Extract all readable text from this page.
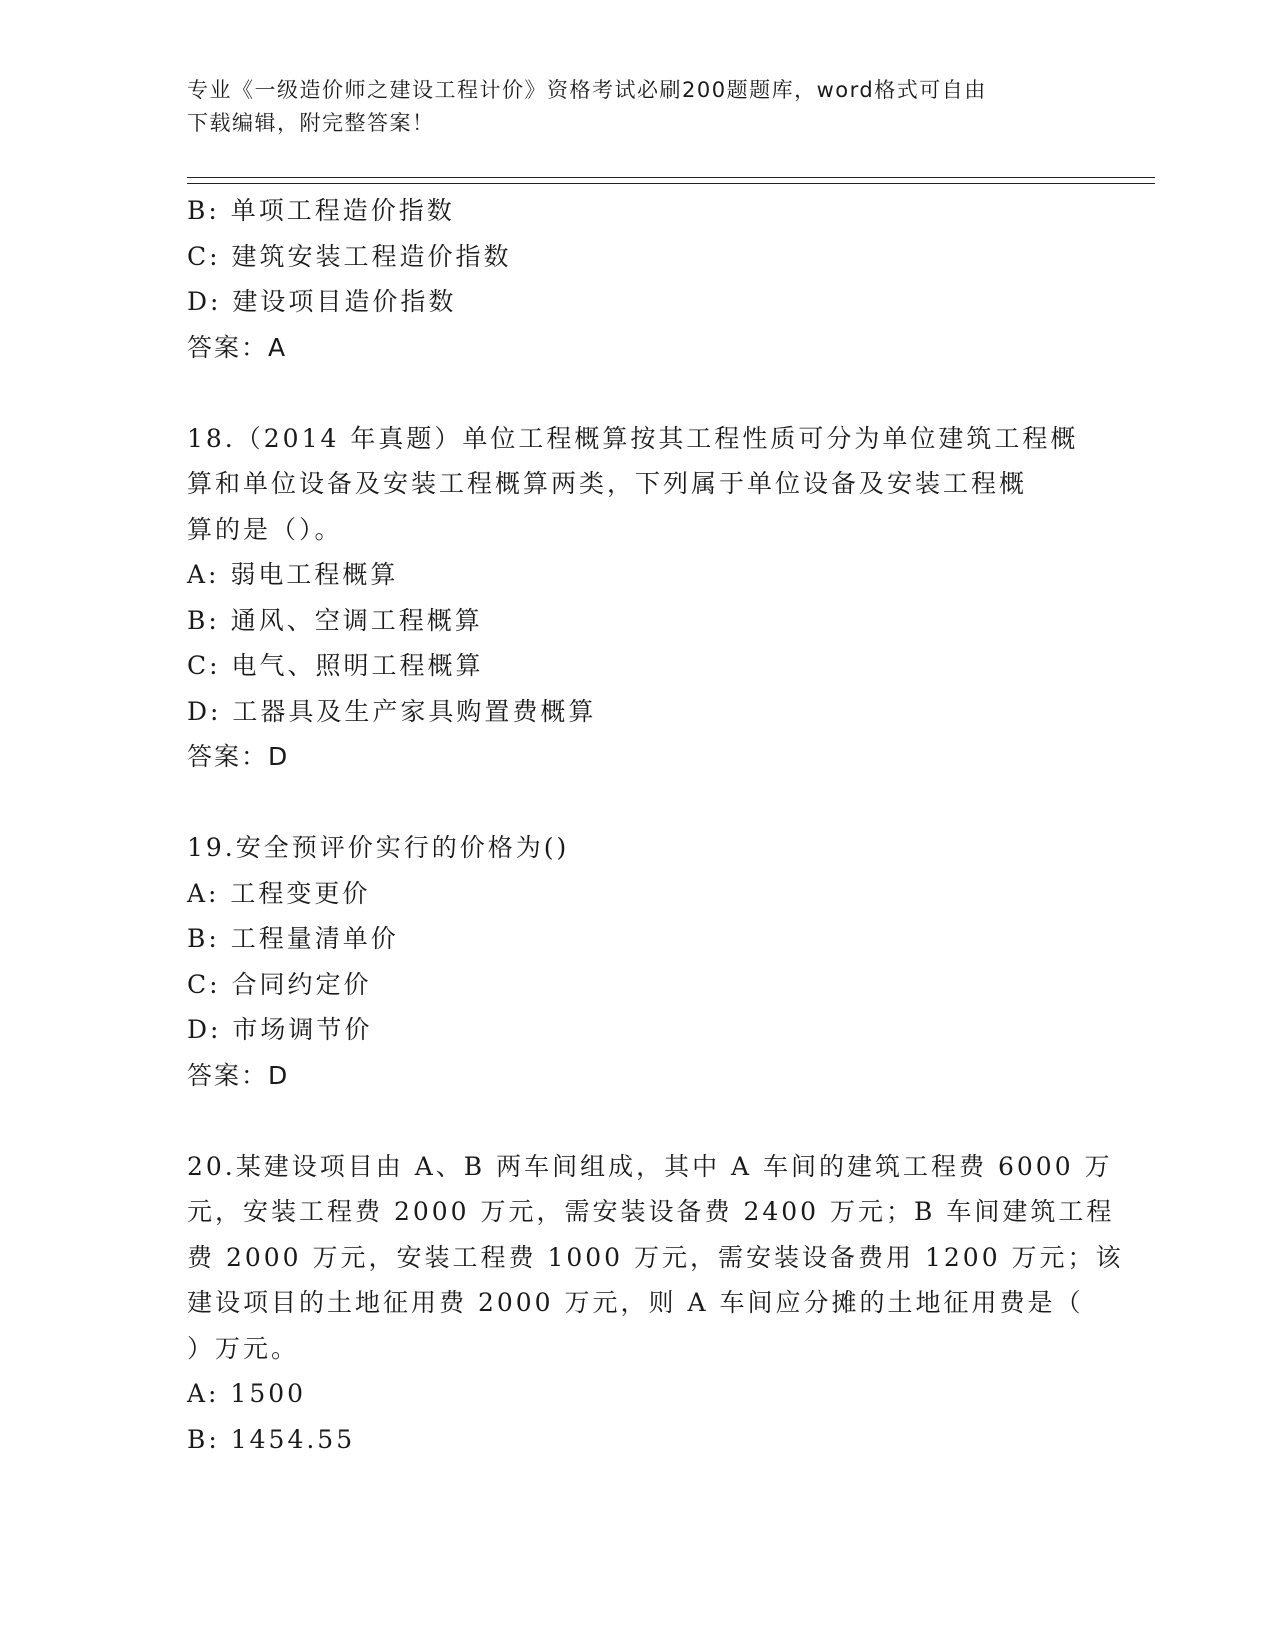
专业《一级造价师之建设工程计价》资格考试必刷200题题库，word格式可自由
下载编辑，附完整答案！
B: 单项工程造价指数
C: 建筑安装工程造价指数
D: 建设项目造价指数
答案：A
18.（2014 年真题）单位工程概算按其工程性质可分为单位建筑工程概
算和单位设备及安装工程概算两类，下列属于单位设备及安装工程概
算的是（）。
A: 弱电工程概算
B: 通风、空调工程概算
C: 电气、照明工程概算
D: 工器具及生产家具购置费概算
答案：D
19.安全预评价实行的价格为()
A: 工程变更价
B: 工程量清单价
C: 合同约定价
D: 市场调节价
答案：D
20.某建设项目由 A、B 两车间组成，其中 A 车间的建筑工程费 6000 万
元，安装工程费 2000 万元，需安装设备费 2400 万元；B 车间建筑工程
费 2000 万元，安装工程费 1000 万元，需安装设备费用 1200 万元；该
建设项目的土地征用费 2000 万元，则 A 车间应分摊的土地征用费是（
）万元。
A: 1500
B: 1454.55
